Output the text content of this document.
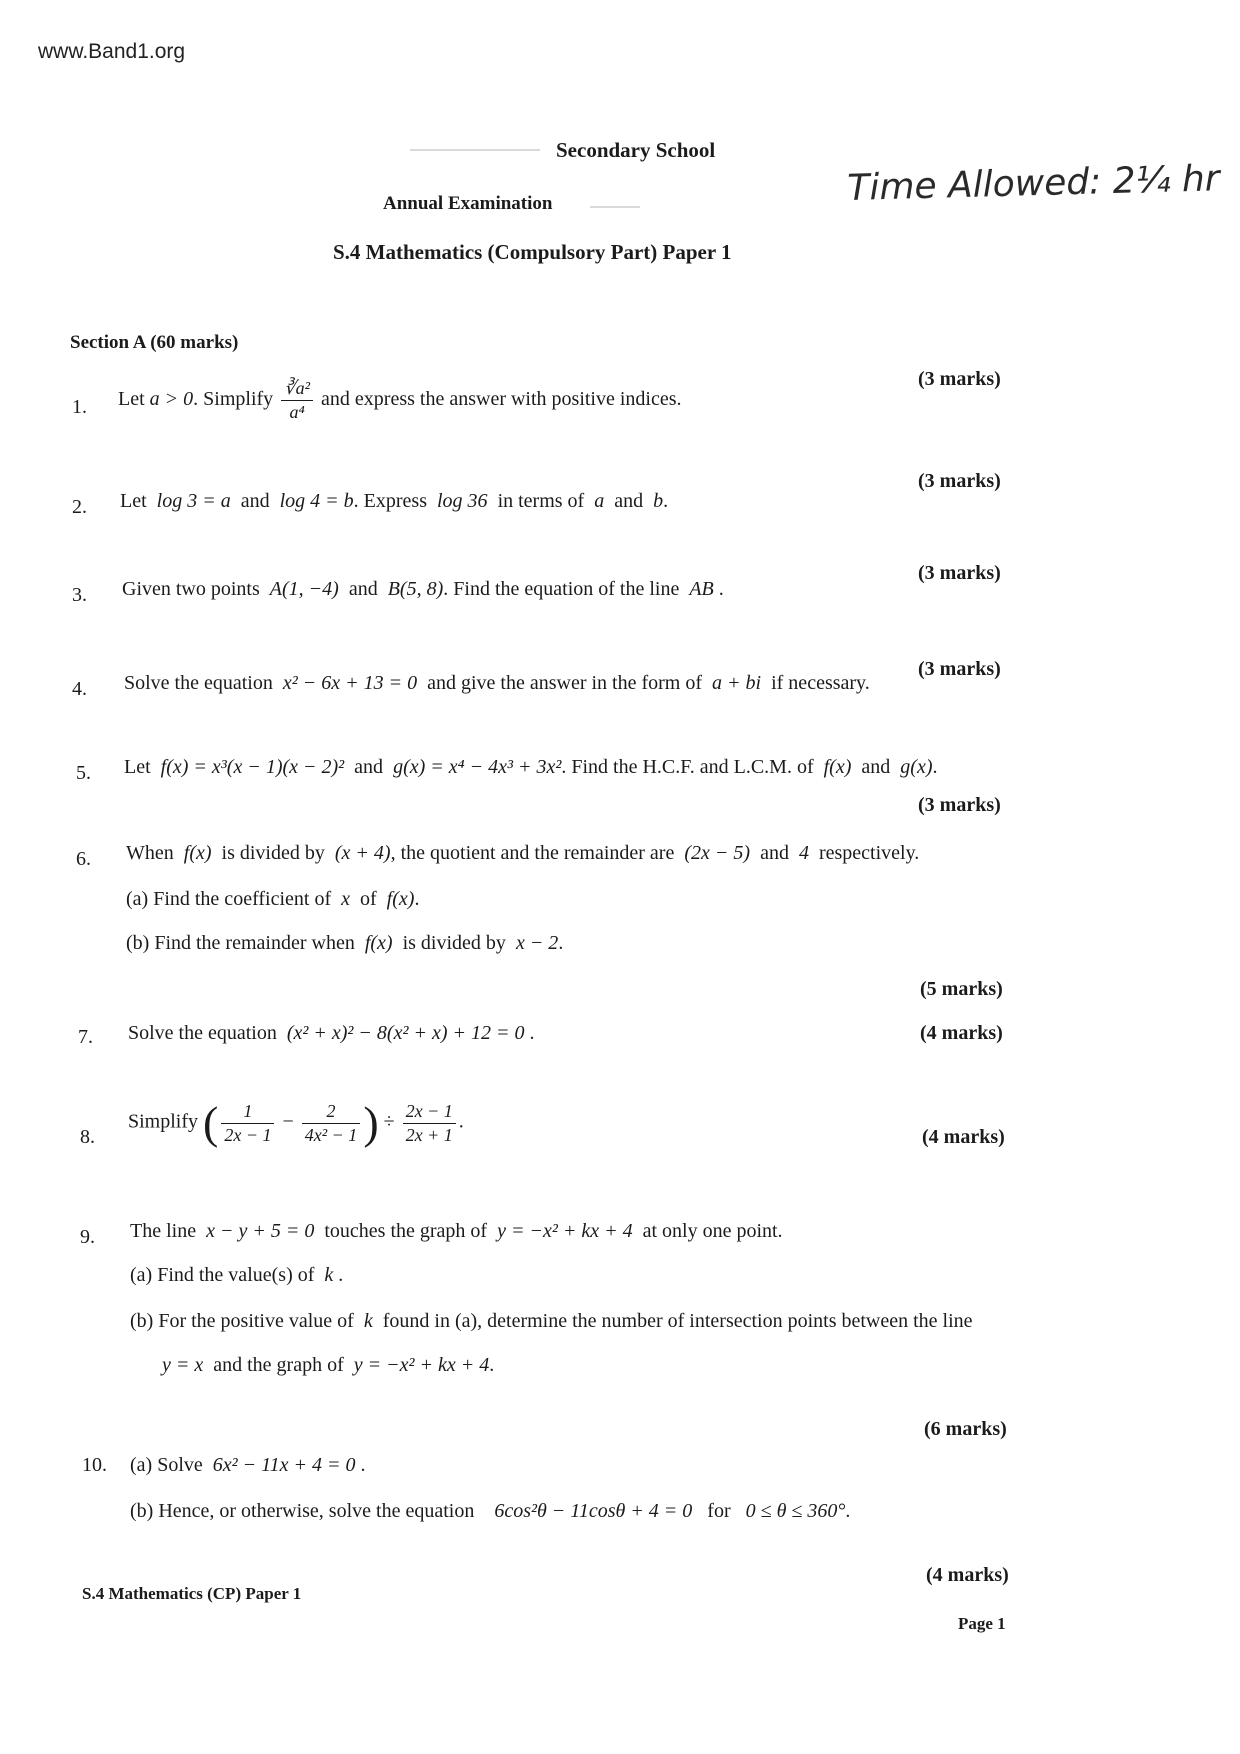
www.Band1.org
Secondary School
Annual Examination
S.4 Mathematics (Compulsory Part) Paper 1
Time Allowed: 2¼ hr
Section A (60 marks)
1. Let a > 0. Simplify $\frac{\text{∛a²}}{\text{a⁴}}$ and express the answer with positive indices.
(3 marks)
2. Let log 3 = a and log 4 = b. Express log 36 in terms of a and b.
(3 marks)
3. Given two points A(1, −4) and B(5, 8). Find the equation of the line AB .
(3 marks)
4. Solve the equation x² − 6x + 13 = 0 and give the answer in the form of a + bi if necessary.
(3 marks)
5. Let f(x) = x³(x − 1)(x − 2)² and g(x) = x⁴ − 4x³ + 3x². Find the H.C.F. and L.C.M. of f(x) and g(x).
(3 marks)
6. When f(x) is divided by (x + 4), the quotient and the remainder are (2x − 5) and 4 respectively.
(a) Find the coefficient of x of f(x).
(b) Find the remainder when f(x) is divided by x − 2.
(5 marks)
7. Solve the equation (x² + x)² − 8(x² + x) + 12 = 0 .	(4 marks)
8.
Simplify ( $\frac{1}{2x - 1} - \frac{2}{\text{4x² − 1}}$ ) ÷ $\frac{2x - 1}{2x + 1}$ .
(4 marks)
9. The line x − y + 5 = 0 touches the graph of y = −x² + kx + 4 at only one point.
(a) Find the value(s) of k .
(b) For the positive value of k found in (a), determine the number of intersection points between the line
y = x and the graph of y = −x² + kx + 4.
(6 marks)
10. (a) Solve 6x² − 11x + 4 = 0 .
(b) Hence, or otherwise, solve the equation 6cos²θ − 11cosθ + 4 = 0 for 0 ≤ θ ≤ 360°.
(4 marks)
S.4 Mathematics (CP) Paper 1
Page 1
